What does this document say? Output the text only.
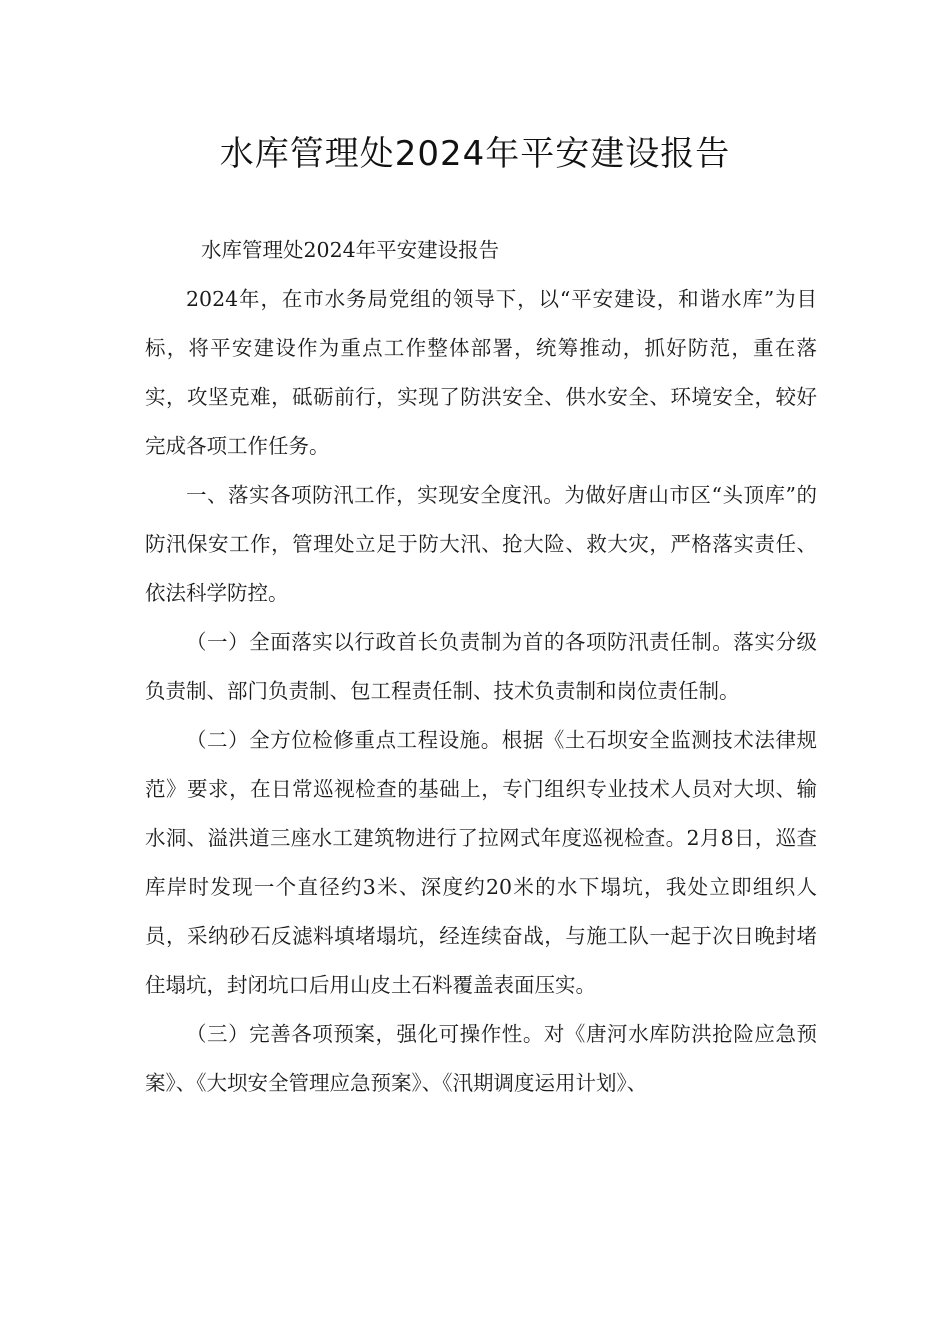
水库管理处2024年平安建设报告

水库管理处2024年平安建设报告

2024年，在市水务局党组的领导下，以“平安建设，和谐水库”为目标，将平安建设作为重点工作整体部署，统筹推动，抓好防范，重在落实，攻坚克难，砥砺前行，实现了防洪安全、供水安全、环境安全，较好完成各项工作任务。

一、落实各项防汛工作，实现安全度汛。为做好唐山市区“头顶库”的防汛保安工作，管理处立足于防大汛、抢大险、救大灾，严格落实责任、依法科学防控。

（一）全面落实以行政首长负责制为首的各项防汛责任制。落实分级负责制、部门负责制、包工程责任制、技术负责制和岗位责任制。

（二）全方位检修重点工程设施。根据《土石坝安全监测技术法律规范》要求，在日常巡视检查的基础上，专门组织专业技术人员对大坝、输水洞、溢洪道三座水工建筑物进行了拉网式年度巡视检查。2月8日，巡查库岸时发现一个直径约3米、深度约20米的水下塌坑，我处立即组织人员，采纳砂石反滤料填堵塌坑，经连续奋战，与施工队一起于次日晚封堵住塌坑，封闭坑口后用山皮土石料覆盖表面压实。

（三）完善各项预案，强化可操作性。对《唐河水库防洪抢险应急预案》、《大坝安全管理应急预案》、《汛期调度运用计划》、
